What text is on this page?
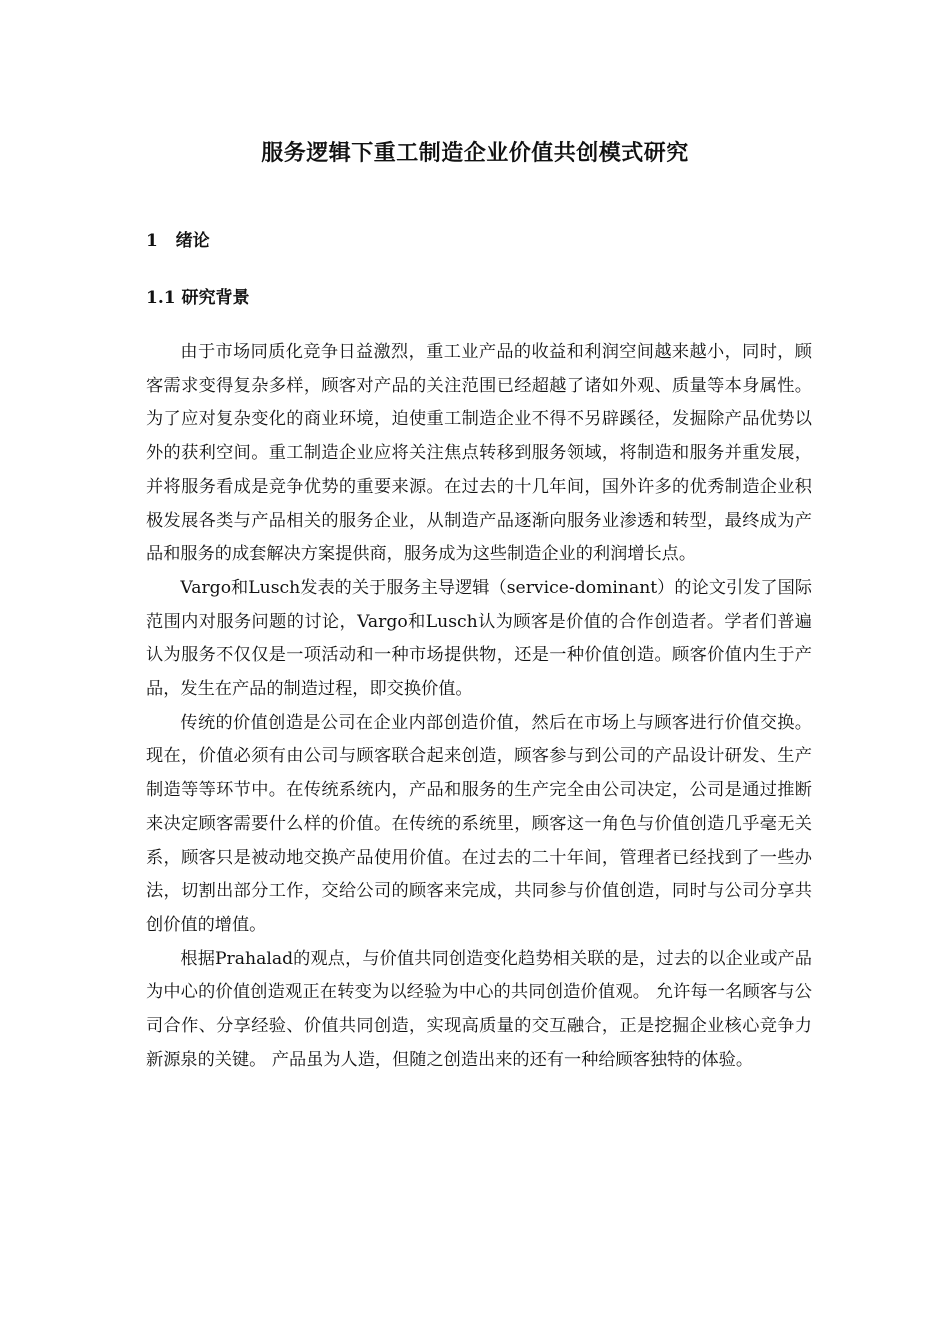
服务逻辑下重工制造企业价值共创模式研究
1   绪论
1.1 研究背景

由于市场同质化竞争日益激烈，重工业产品的收益和利润空间越来越小，同时，顾客需求变得复杂多样，顾客对产品的关注范围已经超越了诸如外观、质量等本身属性。为了应对复杂变化的商业环境，迫使重工制造企业不得不另辟蹊径，发掘除产品优势以外的获利空间。重工制造企业应将关注焦点转移到服务领域，将制造和服务并重发展，并将服务看成是竞争优势的重要来源。在过去的十几年间，国外许多的优秀制造企业积极发展各类与产品相关的服务企业，从制造产品逐渐向服务业渗透和转型，最终成为产品和服务的成套解决方案提供商，服务成为这些制造企业的利润增长点。

Vargo和Lusch发表的关于服务主导逻辑（service-dominant）的论文引发了国际范围内对服务问题的讨论，Vargo和Lusch认为顾客是价值的合作创造者。学者们普遍认为服务不仅仅是一项活动和一种市场提供物，还是一种价值创造。顾客价值内生于产品，发生在产品的制造过程，即交换价值。

传统的价值创造是公司在企业内部创造价值，然后在市场上与顾客进行价值交换。现在，价值必须有由公司与顾客联合起来创造，顾客参与到公司的产品设计研发、生产制造等等环节中。在传统系统内，产品和服务的生产完全由公司决定，公司是通过推断来决定顾客需要什么样的价值。在传统的系统里，顾客这一角色与价值创造几乎毫无关系，顾客只是被动地交换产品使用价值。在过去的二十年间，管理者已经找到了一些办法，切割出部分工作，交给公司的顾客来完成，共同参与价值创造，同时与公司分享共创价值的增值。

根据Prahalad的观点，与价值共同创造变化趋势相关联的是，过去的以企业或产品为中心的价值创造观正在转变为以经验为中心的共同创造价值观。 允许每一名顾客与公司合作、分享经验、价值共同创造，实现高质量的交互融合，正是挖掘企业核心竞争力新源泉的关键。 产品虽为人造，但随之创造出来的还有一种给顾客独特的体验。
